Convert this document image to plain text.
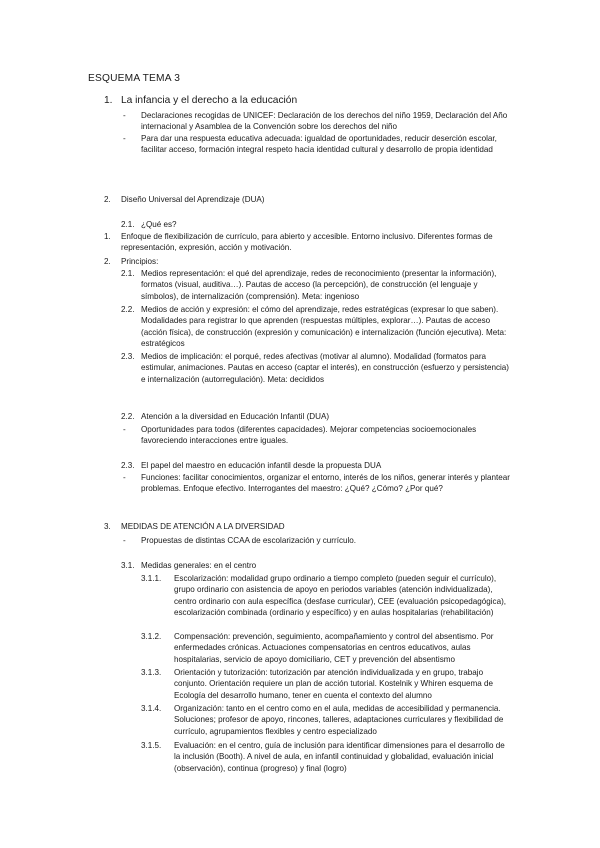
ESQUEMA TEMA 3
1. La infancia y el derecho a la educación
- Declaraciones recogidas de UNICEF: Declaración de los derechos del niño 1959, Declaración del Año internacional y Asamblea de la Convención sobre los derechos del niño
- Para dar una respuesta educativa adecuada: igualdad de oportunidades, reducir deserción escolar, facilitar acceso, formación integral respeto hacia identidad cultural y desarrollo de propia identidad
2. Diseño Universal del Aprendizaje (DUA)
2.1. ¿Qué es?
1. Enfoque de flexibilización de currículo, para abierto y accesible. Entorno inclusivo. Diferentes formas de representación, expresión, acción y motivación.
2. Principios:
2.1. Medios representación: el qué del aprendizaje, redes de reconocimiento (presentar la información), formatos (visual, auditiva…). Pautas de acceso (la percepción), de construcción (el lenguaje y símbolos), de internalización (comprensión). Meta: ingenioso
2.2. Medios de acción y expresión: el cómo del aprendizaje, redes estratégicas (expresar lo que saben). Modalidades para registrar lo que aprenden (respuestas múltiples, explorar…). Pautas de acceso (acción física), de construcción (expresión y comunicación) e internalización (función ejecutiva). Meta: estratégicos
2.3. Medios de implicación: el porqué, redes afectivas (motivar al alumno). Modalidad (formatos para estimular, animaciones. Pautas en acceso (captar el interés), en construcción (esfuerzo y persistencia) e internalización (autorregulación). Meta: decididos
2.2. Atención a la diversidad en Educación Infantil (DUA)
- Oportunidades para todos (diferentes capacidades). Mejorar competencias socioemocionales favoreciendo interacciones entre iguales.
2.3. El papel del maestro en educación infantil desde la propuesta DUA
- Funciones: facilitar conocimientos, organizar el entorno, interés de los niños, generar interés y plantear problemas. Enfoque efectivo. Interrogantes del maestro: ¿Qué? ¿Cómo? ¿Por qué?
3. MEDIDAS DE ATENCIÓN A LA DIVERSIDAD
- Propuestas de distintas CCAA de escolarización y currículo.
3.1. Medidas generales: en el centro
3.1.1. Escolarización: modalidad grupo ordinario a tiempo completo (pueden seguir el currículo), grupo ordinario con asistencia de apoyo en periodos variables (atención individualizada), centro ordinario con aula específica (desfase curricular), CEE (evaluación psicopedagógica), escolarización combinada (ordinario y específico) y en aulas hospitalarias (rehabilitación)
3.1.2. Compensación: prevención, seguimiento, acompañamiento y control del absentismo. Por enfermedades crónicas. Actuaciones compensatorias en centros educativos, aulas hospitalarias, servicio de apoyo domiciliario, CET y prevención del absentismo
3.1.3. Orientación y tutorización: tutorización par atención individualizada y en grupo, trabajo conjunto. Orientación requiere un plan de acción tutorial. Kostelnik y Whiren esquema de Ecología del desarrollo humano, tener en cuenta el contexto del alumno
3.1.4. Organización: tanto en el centro como en el aula, medidas de accesibilidad y permanencia. Soluciones; profesor de apoyo, rincones, talleres, adaptaciones curriculares y flexibilidad de currículo, agrupamientos flexibles y centro especializado
3.1.5. Evaluación: en el centro, guía de inclusión para identificar dimensiones para el desarrollo de la inclusión (Booth). A nivel de aula, en infantil continuidad y globalidad, evaluación inicial (observación), continua (progreso) y final (logro)
